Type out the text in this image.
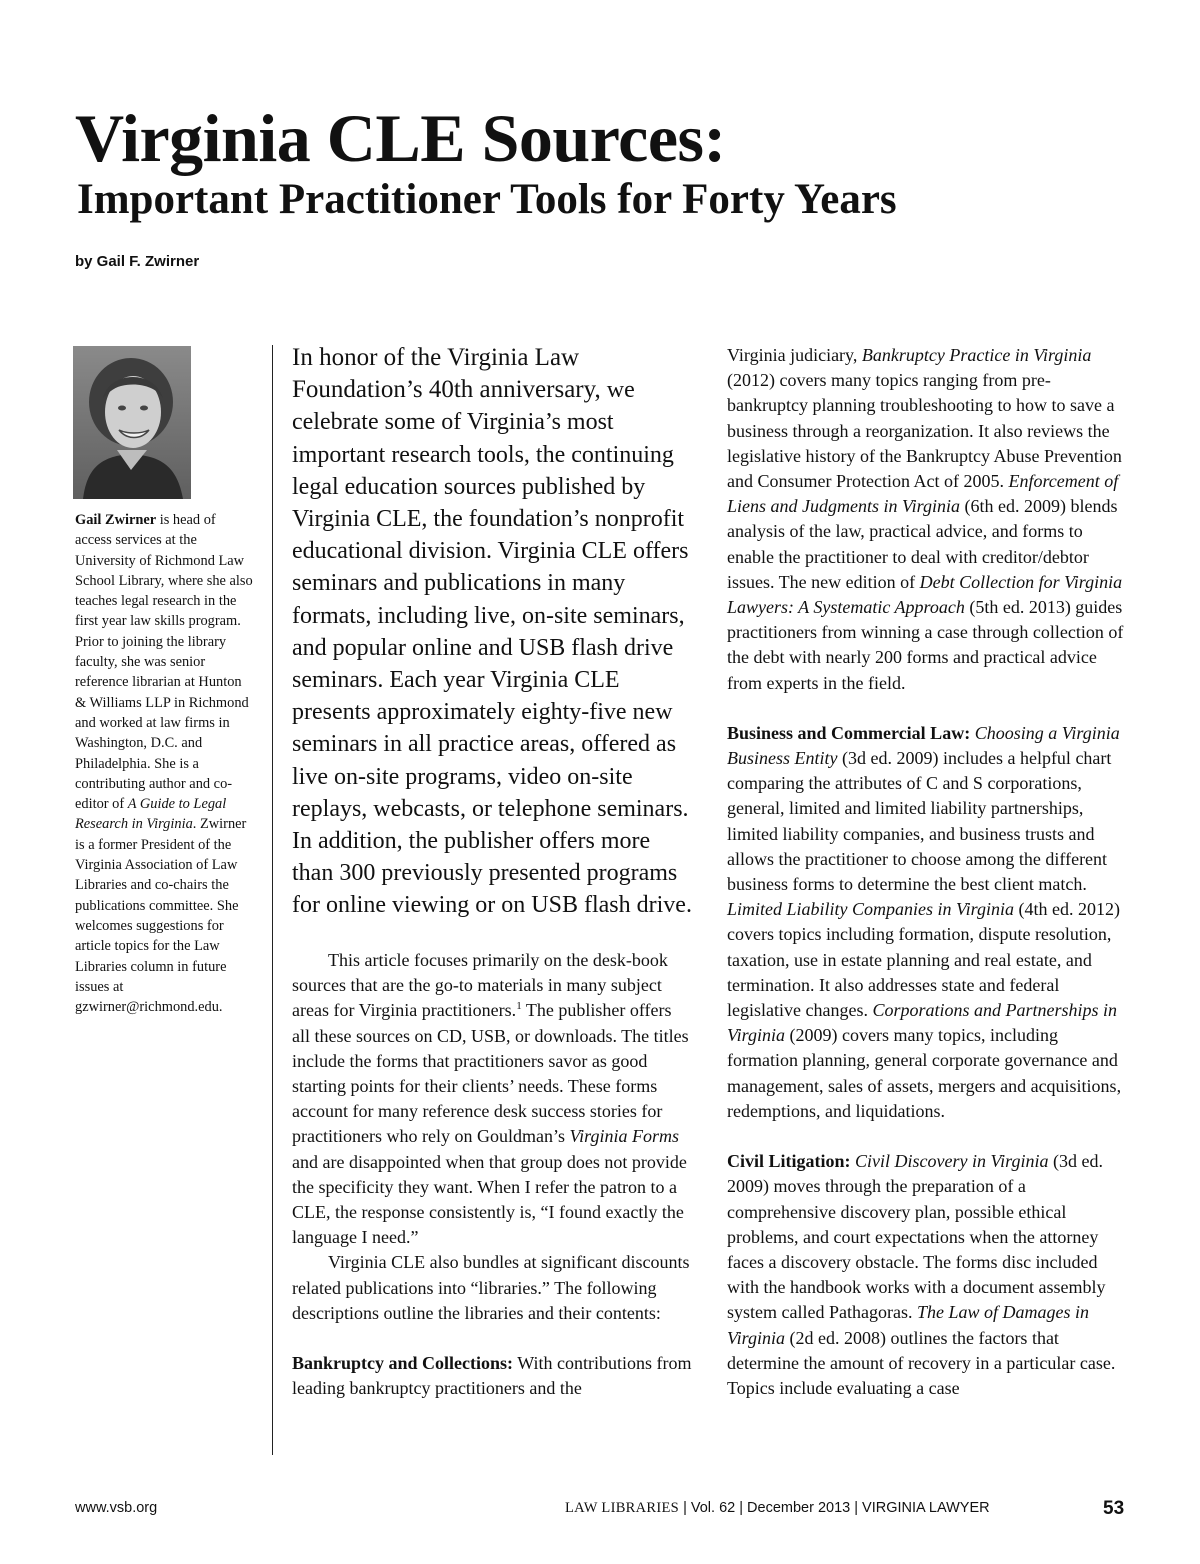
Virginia CLE Sources:
Important Practitioner Tools for Forty Years
by Gail F. Zwirner
Gail Zwirner is head of access services at the University of Richmond Law School Library, where she also teaches legal research in the first year law skills program. Prior to joining the library faculty, she was senior reference librarian at Hunton & Williams LLP in Richmond and worked at law firms in Washington, D.C. and Philadelphia. She is a contributing author and co-editor of A Guide to Legal Research in Virginia. Zwirner is a former President of the Virginia Association of Law Libraries and co-chairs the publications committee. She welcomes suggestions for article topics for the Law Libraries column in future issues at gzwirner@richmond.edu.
In honor of the Virginia Law Foundation’s 40th anniversary, we celebrate some of Virginia’s most important research tools, the continuing legal education sources published by Virginia CLE, the foundation’s nonprofit educational division. Virginia CLE offers seminars and publications in many formats, including live, on-site seminars, and popular online and USB flash drive seminars. Each year Virginia CLE presents approximately eighty-five new seminars in all practice areas, offered as live on-site programs, video on-site replays, webcasts, or telephone seminars. In addition, the publisher offers more than 300 previously presented programs for online viewing or on USB flash drive.

This article focuses primarily on the desk-book sources that are the go-to materials in many subject areas for Virginia practitioners.$^1$ The publisher offers all these sources on CD, USB, or downloads. The titles include the forms that practitioners savor as good starting points for their clients’ needs. These forms account for many reference desk success stories for practitioners who rely on Gouldman’s Virginia Forms and are disappointed when that group does not provide the specificity they want. When I refer the patron to a CLE, the response consistently is, “I found exactly the language I need.”

Virginia CLE also bundles at significant discounts related publications into “libraries.” The following descriptions outline the libraries and their contents:

Bankruptcy and Collections: With contributions from leading bankruptcy practitioners and the

Virginia judiciary, Bankruptcy Practice in Virginia (2012) covers many topics ranging from pre-bankruptcy planning troubleshooting to how to save a business through a reorganization. It also reviews the legislative history of the Bankruptcy Abuse Prevention and Consumer Protection Act of 2005. Enforcement of Liens and Judgments in Virginia (6th ed. 2009) blends analysis of the law, practical advice, and forms to enable the practitioner to deal with creditor/debtor issues. The new edition of Debt Collection for Virginia Lawyers: A Systematic Approach (5th ed. 2013) guides practitioners from winning a case through collection of the debt with nearly 200 forms and practical advice from experts in the field.

Business and Commercial Law: Choosing a Virginia Business Entity (3d ed. 2009) includes a helpful chart comparing the attributes of C and S corporations, general, limited and limited liability partnerships, limited liability companies, and business trusts and allows the practitioner to choose among the different business forms to determine the best client match. Limited Liability Companies in Virginia (4th ed. 2012) covers topics including formation, dispute resolution, taxation, use in estate planning and real estate, and termination. It also addresses state and federal legislative changes. Corporations and Partnerships in Virginia (2009) covers many topics, including formation planning, general corporate governance and management, sales of assets, mergers and acquisitions, redemptions, and liquidations.

Civil Litigation: Civil Discovery in Virginia (3d ed. 2009) moves through the preparation of a comprehensive discovery plan, possible ethical problems, and court expectations when the attorney faces a discovery obstacle. The forms disc included with the handbook works with a document assembly system called Pathagoras. The Law of Damages in Virginia (2d ed. 2008) outlines the factors that determine the amount of recovery in a particular case. Topics include evaluating a case

www.vsb.org	LAW LIBRARIES | Vol. 62 | December 2013 | VIRGINIA LAWYER	53
